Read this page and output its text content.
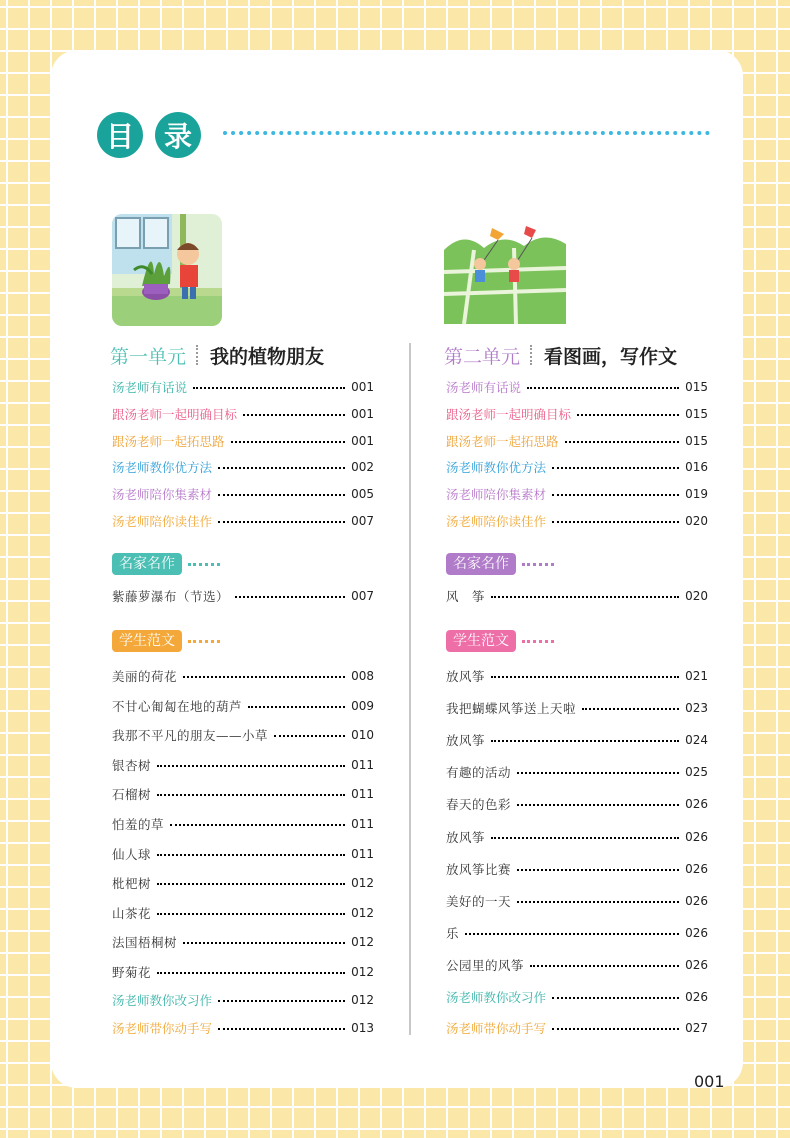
目	录
第一单元 我的植物朋友
汤老师有话说	001
跟汤老师一起明确目标	001
跟汤老师一起拓思路	001
汤老师教你优方法	002
汤老师陪你集素材	005
汤老师陪你读佳作	007
名家名作
紫藤萝瀑布（节选）	007
学生范文
美丽的荷花	008
不甘心匍匐在地的葫芦	009
我那不平凡的朋友——小草	010
银杏树	011
石榴树	011
怕羞的草	011
仙人球	011
枇杷树	012
山茶花	012
法国梧桐树	012
野菊花	012
汤老师教你改习作	012
汤老师带你动手写	013
第二单元 看图画，写作文
汤老师有话说	015
跟汤老师一起明确目标	015
跟汤老师一起拓思路	015
汤老师教你优方法	016
汤老师陪你集素材	019
汤老师陪你读佳作	020
名家名作
风　筝	020
学生范文
放风筝	021
我把蝴蝶风筝送上天啦	023
放风筝	024
有趣的活动	025
春天的色彩	026
放风筝	026
放风筝比赛	026
美好的一天	026
乐	026
公园里的风筝	026
汤老师教你改习作	026
汤老师带你动手写	027
001
